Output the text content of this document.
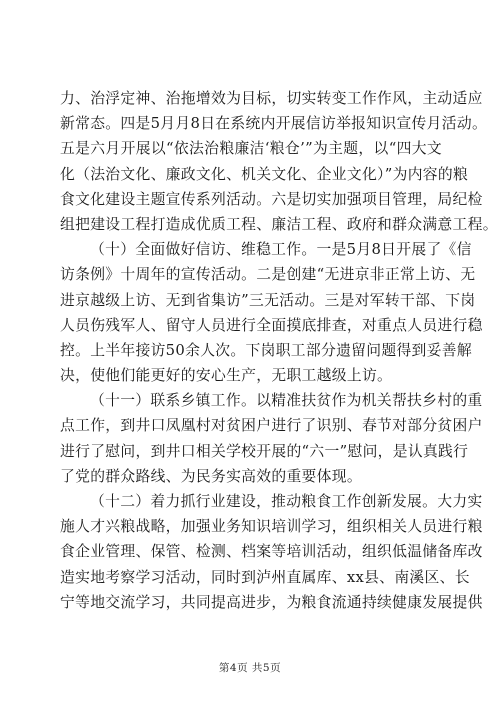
力、治浮定神、治拖增效为目标，切实转变工作作风，主动适应
新常态。四是5月月8日在系统内开展信访举报知识宣传月活动。
五是六月开展以“依法治粮廉洁‘粮仓’”为主题，以“四大文
化（法治文化、廉政文化、机关文化、企业文化）”为内容的粮
食文化建设主题宣传系列活动。六是切实加强项目管理，局纪检
组把建设工程打造成优质工程、廉洁工程、政府和群众满意工程。
（十）全面做好信访、维稳工作。一是5月8日开展了《信
访条例》十周年的宣传活动。二是创建“无进京非正常上访、无
进京越级上访、无到省集访”三无活动。三是对军转干部、下岗
人员伤残军人、留守人员进行全面摸底排查，对重点人员进行稳
控。上半年接访50余人次。下岗职工部分遗留问题得到妥善解
决，使他们能更好的安心生产，无职工越级上访。
（十一）联系乡镇工作。以精准扶贫作为机关帮扶乡村的重
点工作，到井口凤凰村对贫困户进行了识别、春节对部分贫困户
进行了慰问，到井口相关学校开展的“六一”慰问，是认真践行
了党的群众路线、为民务实高效的重要体现。
（十二）着力抓行业建设，推动粮食工作创新发展。大力实
施人才兴粮战略，加强业务知识培训学习，组织相关人员进行粮
食企业管理、保管、检测、档案等培训活动，组织低温储备库改
造实地考察学习活动，同时到泸州直属库、xx县、南溪区、长
宁等地交流学习，共同提高进步，为粮食流通持续健康发展提供
第4页 共5页
